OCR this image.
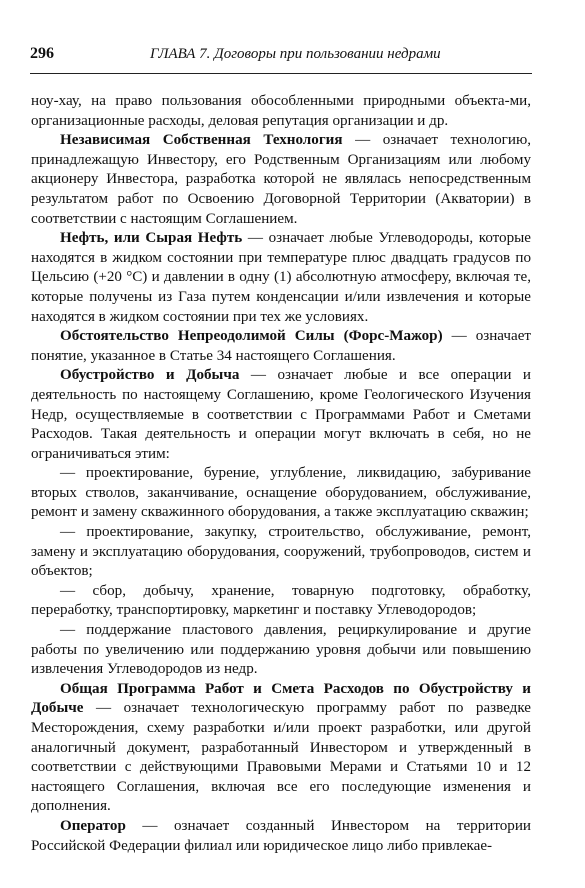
296	ГЛАВА 7. Договоры при пользовании недрами

ноу-хау, на право пользования обособленными природными объекта-ми, организационные расходы, деловая репутация организации и др.

Независимая Собственная Технология — означает технологию, принадлежащую Инвестору, его Родственным Организациям или любому акционеру Инвестора, разработка которой не являлась непосредственным результатом работ по Освоению Договорной Территории (Акватории) в соответствии с настоящим Соглашением.

Нефть, или Сырая Нефть — означает любые Углеводороды, которые находятся в жидком состоянии при температуре плюс двадцать градусов по Цельсию (+20 °С) и давлении в одну (1) абсолютную атмосферу, включая те, которые получены из Газа путем конденсации и/или извлечения и которые находятся в жидком состоянии при тех же условиях.

Обстоятельство Непреодолимой Силы (Форс-Мажор) — означает понятие, указанное в Статье 34 настоящего Соглашения.

Обустройство и Добыча — означает любые и все операции и деятельность по настоящему Соглашению, кроме Геологического Изучения Недр, осуществляемые в соответствии с Программами Работ и Сметами Расходов. Такая деятельность и операции могут включать в себя, но не ограничиваться этим:

— проектирование, бурение, углубление, ликвидацию, забуривание вторых стволов, заканчивание, оснащение оборудованием, обслуживание, ремонт и замену скважинного оборудования, а также эксплуатацию скважин;

— проектирование, закупку, строительство, обслуживание, ремонт, замену и эксплуатацию оборудования, сооружений, трубопроводов, систем и объектов;

— сбор, добычу, хранение, товарную подготовку, обработку, переработку, транспортировку, маркетинг и поставку Углеводородов;

— поддержание пластового давления, рециркулирование и другие работы по увеличению или поддержанию уровня добычи или повышению извлечения Углеводородов из недр.

Общая Программа Работ и Смета Расходов по Обустройству и Добыче — означает технологическую программу работ по разведке Месторождения, схему разработки и/или проект разработки, или другой аналогичный документ, разработанный Инвестором и утвержденный в соответствии с действующими Правовыми Мерами и Статьями 10 и 12 настоящего Соглашения, включая все его последующие изменения и дополнения.

Оператор — означает созданный Инвестором на территории Российской Федерации филиал или юридическое лицо либо привлекае-
